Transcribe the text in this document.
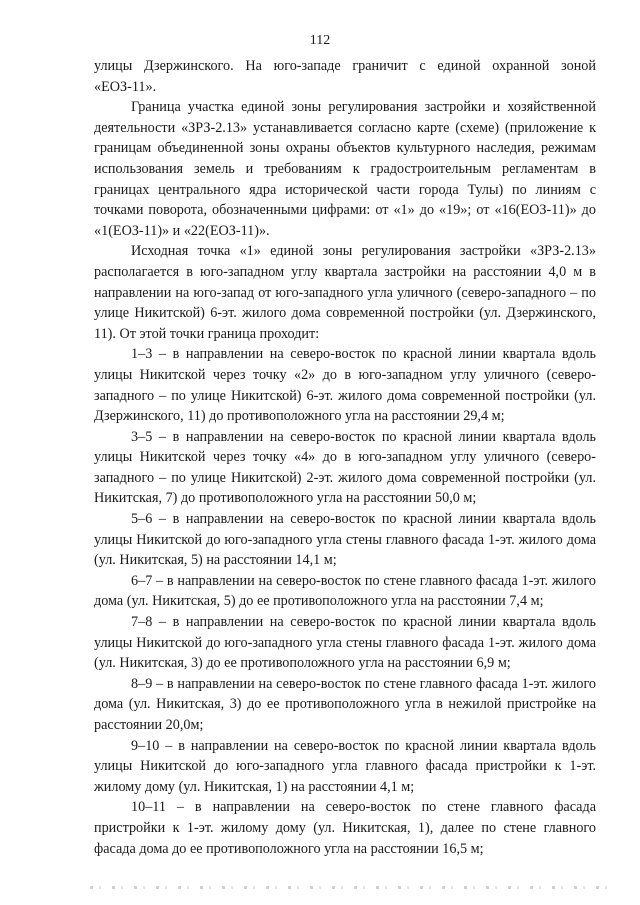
112

улицы Дзержинского. На юго-западе граничит с единой охранной зоной «ЕОЗ-11».

Граница участка единой зоны регулирования застройки и хозяйственной деятельности «ЗРЗ-2.13» устанавливается согласно карте (схеме) (приложение к границам объединенной зоны охраны объектов культурного наследия, режимам использования земель и требованиям к градостроительным регламентам в границах центрального ядра исторической части города Тулы) по линиям с точками поворота, обозначенными цифрами: от «1» до «19»; от «16(ЕОЗ-11)» до «1(ЕОЗ-11)» и «22(ЕОЗ-11)».

Исходная точка «1» единой зоны регулирования застройки «ЗРЗ-2.13» располагается в юго-западном углу квартала застройки на расстоянии 4,0 м в направлении на юго-запад от юго-западного угла уличного (северо-западного – по улице Никитской) 6-эт. жилого дома современной постройки (ул. Дзержинского, 11). От этой точки граница проходит:

1–3 – в направлении на северо-восток по красной линии квартала вдоль улицы Никитской через точку «2» до в юго-западном углу уличного (северо-западного – по улице Никитской) 6-эт. жилого дома современной постройки (ул. Дзержинского, 11) до противоположного угла на расстоянии 29,4 м;

3–5 – в направлении на северо-восток по красной линии квартала вдоль улицы Никитской через точку «4» до в юго-западном углу уличного (северо-западного – по улице Никитской) 2-эт. жилого дома современной постройки (ул. Никитская, 7) до противоположного угла на расстоянии 50,0 м;

5–6 – в направлении на северо-восток по красной линии квартала вдоль улицы Никитской до юго-западного угла стены главного фасада 1-эт. жилого дома (ул. Никитская, 5) на расстоянии 14,1 м;

6–7 – в направлении на северо-восток по стене главного фасада 1-эт. жилого дома (ул. Никитская, 5) до ее противоположного угла на расстоянии 7,4 м;

7–8 – в направлении на северо-восток по красной линии квартала вдоль улицы Никитской до юго-западного угла стены главного фасада 1-эт. жилого дома (ул. Никитская, 3) до ее противоположного угла на расстоянии 6,9 м;

8–9 – в направлении на северо-восток по стене главного фасада 1-эт. жилого дома (ул. Никитская, 3) до ее противоположного угла в нежилой пристройке на расстоянии 20,0м;

9–10 – в направлении на северо-восток по красной линии квартала вдоль улицы Никитской до юго-западного угла главного фасада пристройки к 1-эт. жилому дому (ул. Никитская, 1) на расстоянии 4,1 м;

10–11 – в направлении на северо-восток по стене главного фасада пристройки к 1-эт. жилому дому (ул. Никитская, 1), далее по стене главного фасада дома до ее противоположного угла на расстоянии 16,5 м;
